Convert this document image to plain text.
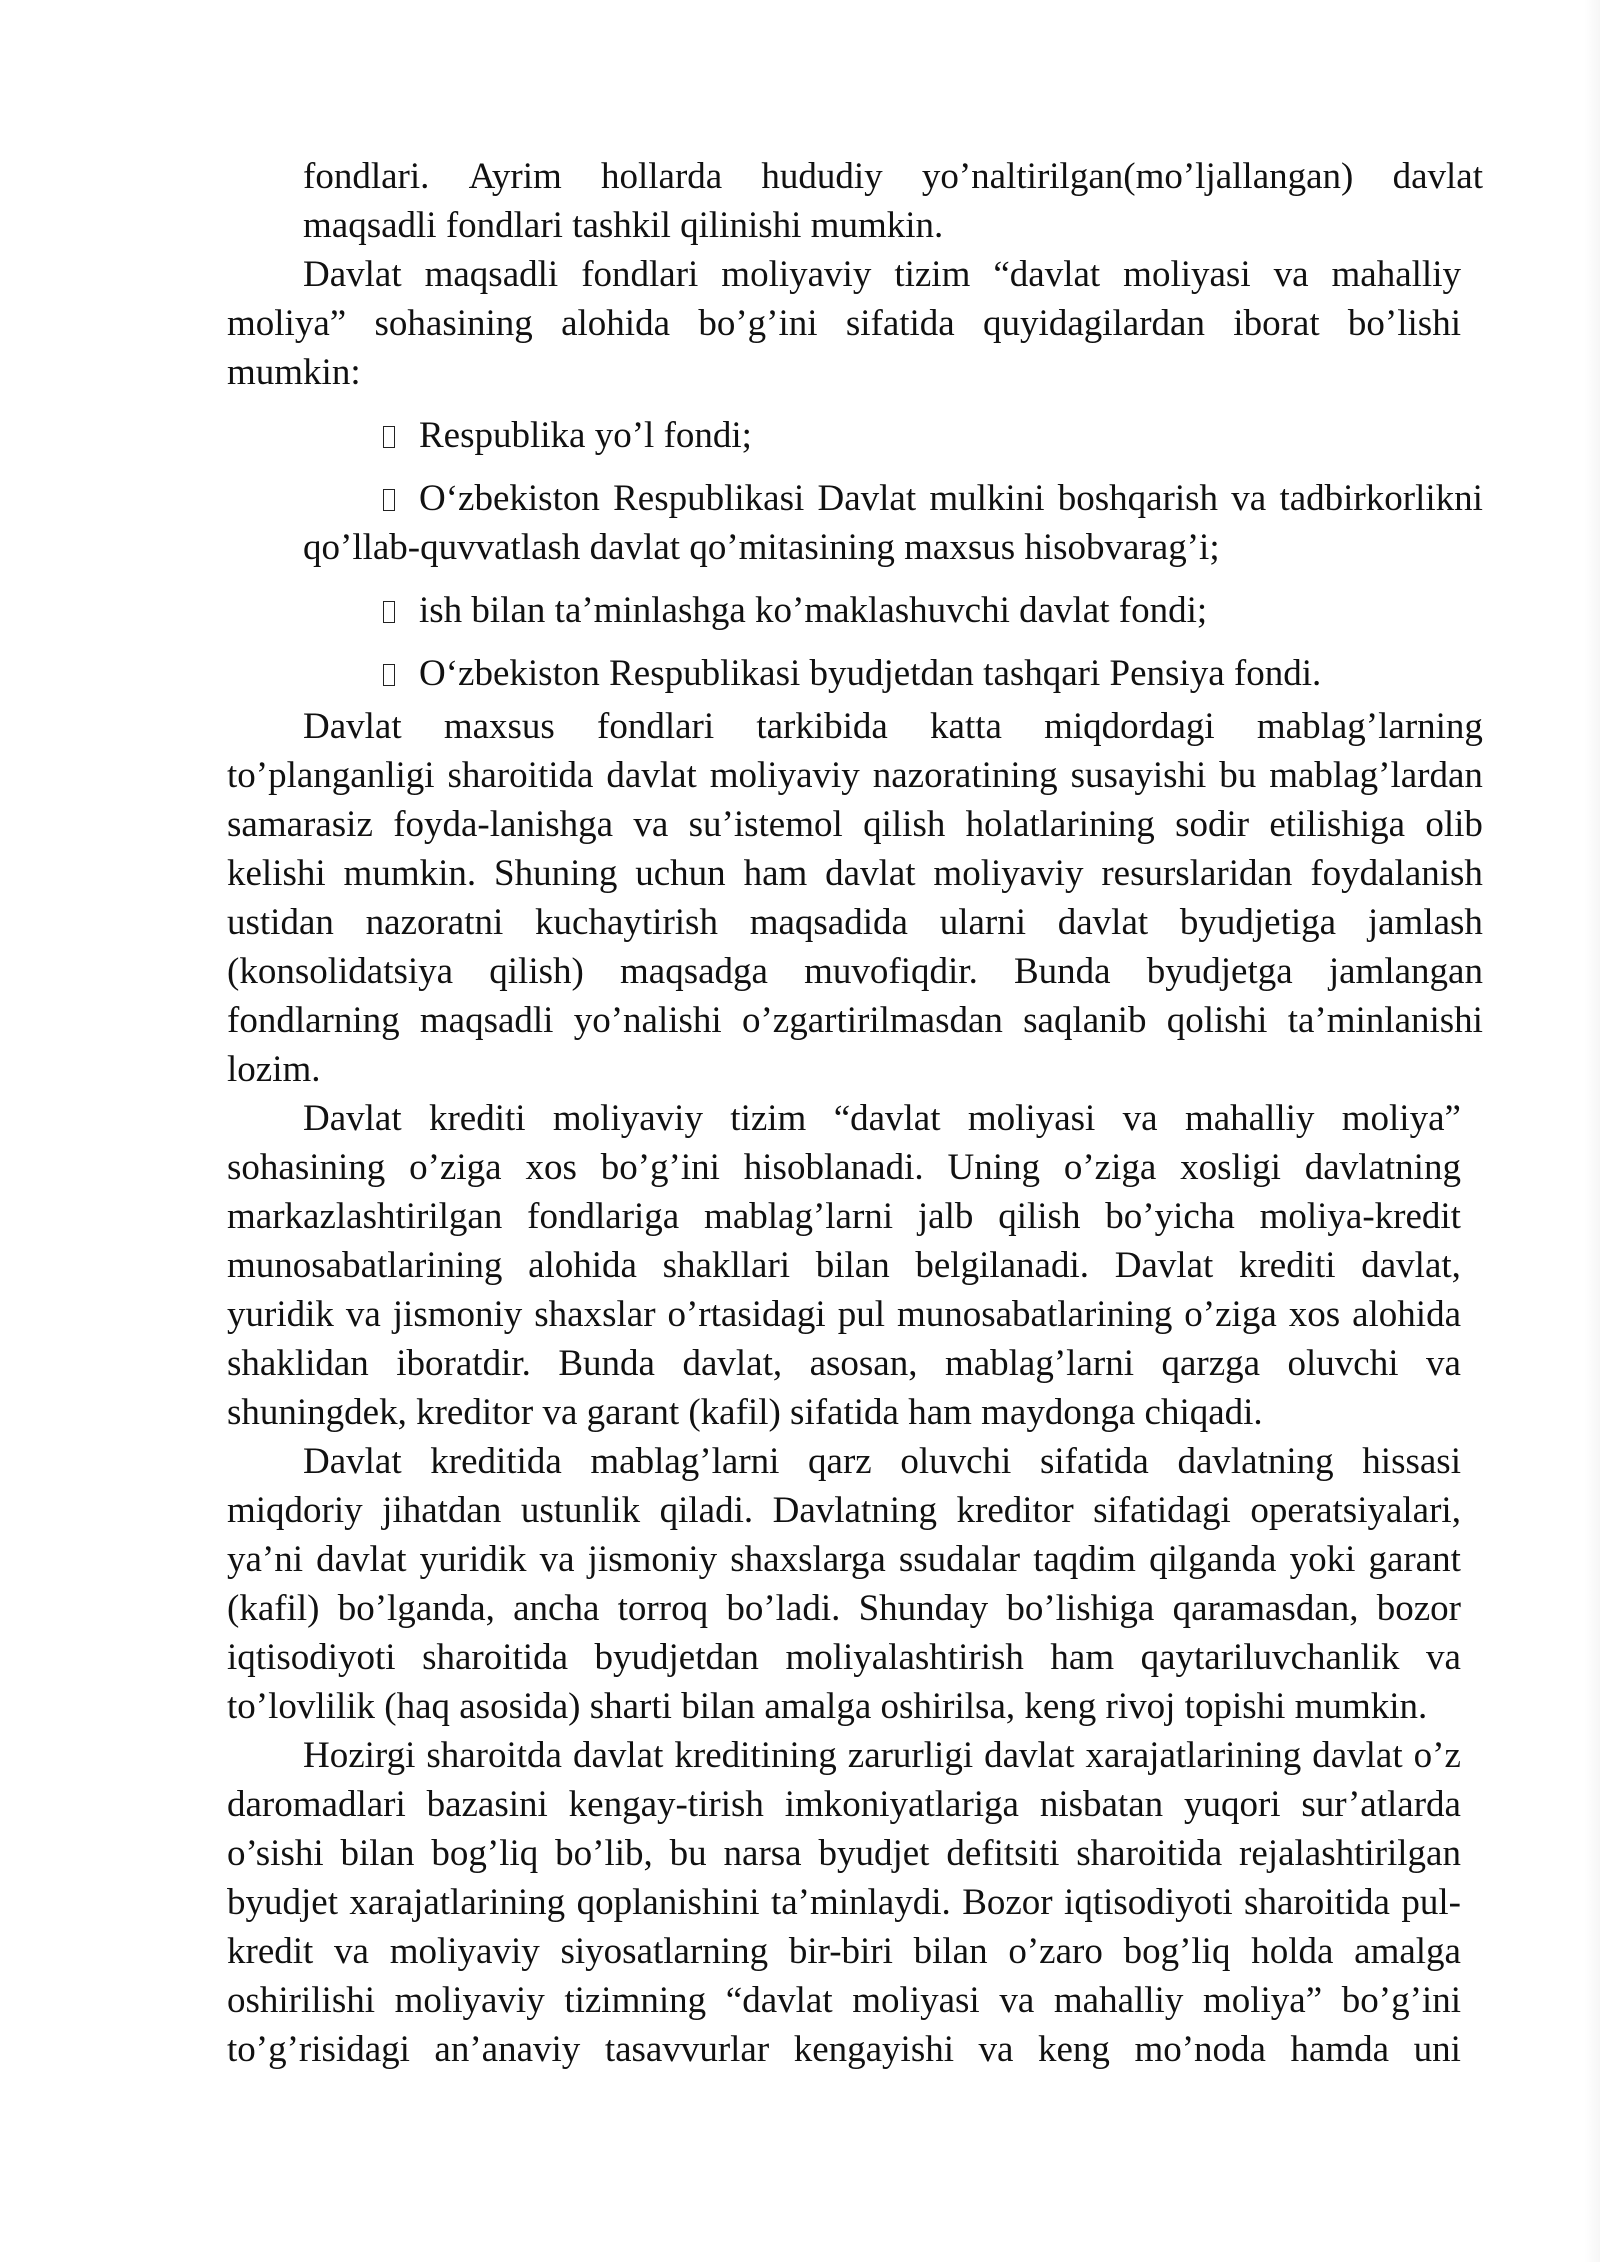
fondlari. Ayrim hollarda hududiy yo’naltirilgan(mo’ljallangan) davlat
maqsadli fondlari tashkil qilinishi mumkin.
Davlat maqsadli fondlari moliyaviy tizim “davlat moliyasi va mahalliy
moliya” sohasining alohida bo’g’ini sifatida quyidagilardan iborat bo’lishi
mumkin:
Respublika yo’l fondi;
O‘zbekiston Respublikasi Davlat mulkini boshqarish va tadbirkorlikni
qo’llab-quvvatlash davlat qo’mitasining maxsus hisobvarag’i;
ish bilan ta’minlashga ko’maklashuvchi davlat fondi;
O‘zbekiston Respublikasi byudjetdan tashqari Pensiya fondi.
Davlat maxsus fondlari tarkibida katta miqdordagi mablag’larning
to’planganligi sharoitida davlat moliyaviy nazoratining susayishi bu mablag’lardan
samarasiz foyda-lanishga va su’istemol qilish holatlarining sodir etilishiga olib
kelishi mumkin. Shuning uchun ham davlat moliyaviy resurslaridan foydalanish
ustidan nazoratni kuchaytirish maqsadida ularni davlat byudjetiga jamlash
(konsolidatsiya qilish) maqsadga muvofiqdir. Bunda byudjetga jamlangan
fondlarning maqsadli yo’nalishi o’zgartirilmasdan saqlanib qolishi ta’minlanishi
lozim.
Davlat krediti moliyaviy tizim “davlat moliyasi va mahalliy moliya”
sohasining o’ziga xos bo’g’ini hisoblanadi. Uning o’ziga xosligi davlatning
markazlashtirilgan fondlariga mablag’larni jalb qilish bo’yicha moliya-kredit
munosabatlarining alohida shakllari bilan belgilanadi. Davlat krediti davlat,
yuridik va jismoniy shaxslar o’rtasidagi pul munosabatlarining o’ziga xos alohida
shaklidan iboratdir. Bunda davlat, asosan, mablag’larni qarzga oluvchi va
shuningdek, kreditor va garant (kafil) sifatida ham maydonga chiqadi.
Davlat kreditida mablag’larni qarz oluvchi sifatida davlatning hissasi
miqdoriy jihatdan ustunlik qiladi. Davlatning kreditor sifatidagi operatsiyalari,
ya’ni davlat yuridik va jismoniy shaxslarga ssudalar taqdim qilganda yoki garant
(kafil) bo’lganda, ancha torroq bo’ladi. Shunday bo’lishiga qaramasdan, bozor
iqtisodiyoti sharoitida byudjetdan moliyalashtirish ham qaytariluvchanlik va
to’lovlilik (haq asosida) sharti bilan amalga oshirilsa, keng rivoj topishi mumkin.
Hozirgi sharoitda davlat kreditining zarurligi davlat xarajatlarining davlat o’z
daromadlari bazasini kengay-tirish imkoniyatlariga nisbatan yuqori sur’atlarda
o’sishi bilan bog’liq bo’lib, bu narsa byudjet defitsiti sharoitida rejalashtirilgan
byudjet xarajatlarining qoplanishini ta’minlaydi. Bozor iqtisodiyoti sharoitida pul-
kredit va moliyaviy siyosatlarning bir-biri bilan o’zaro bog’liq holda amalga
oshirilishi moliyaviy tizimning “davlat moliyasi va mahalliy moliya” bo’g’ini
to’g’risidagi an’anaviy tasavvurlar kengayishi va keng mo’noda hamda uni
